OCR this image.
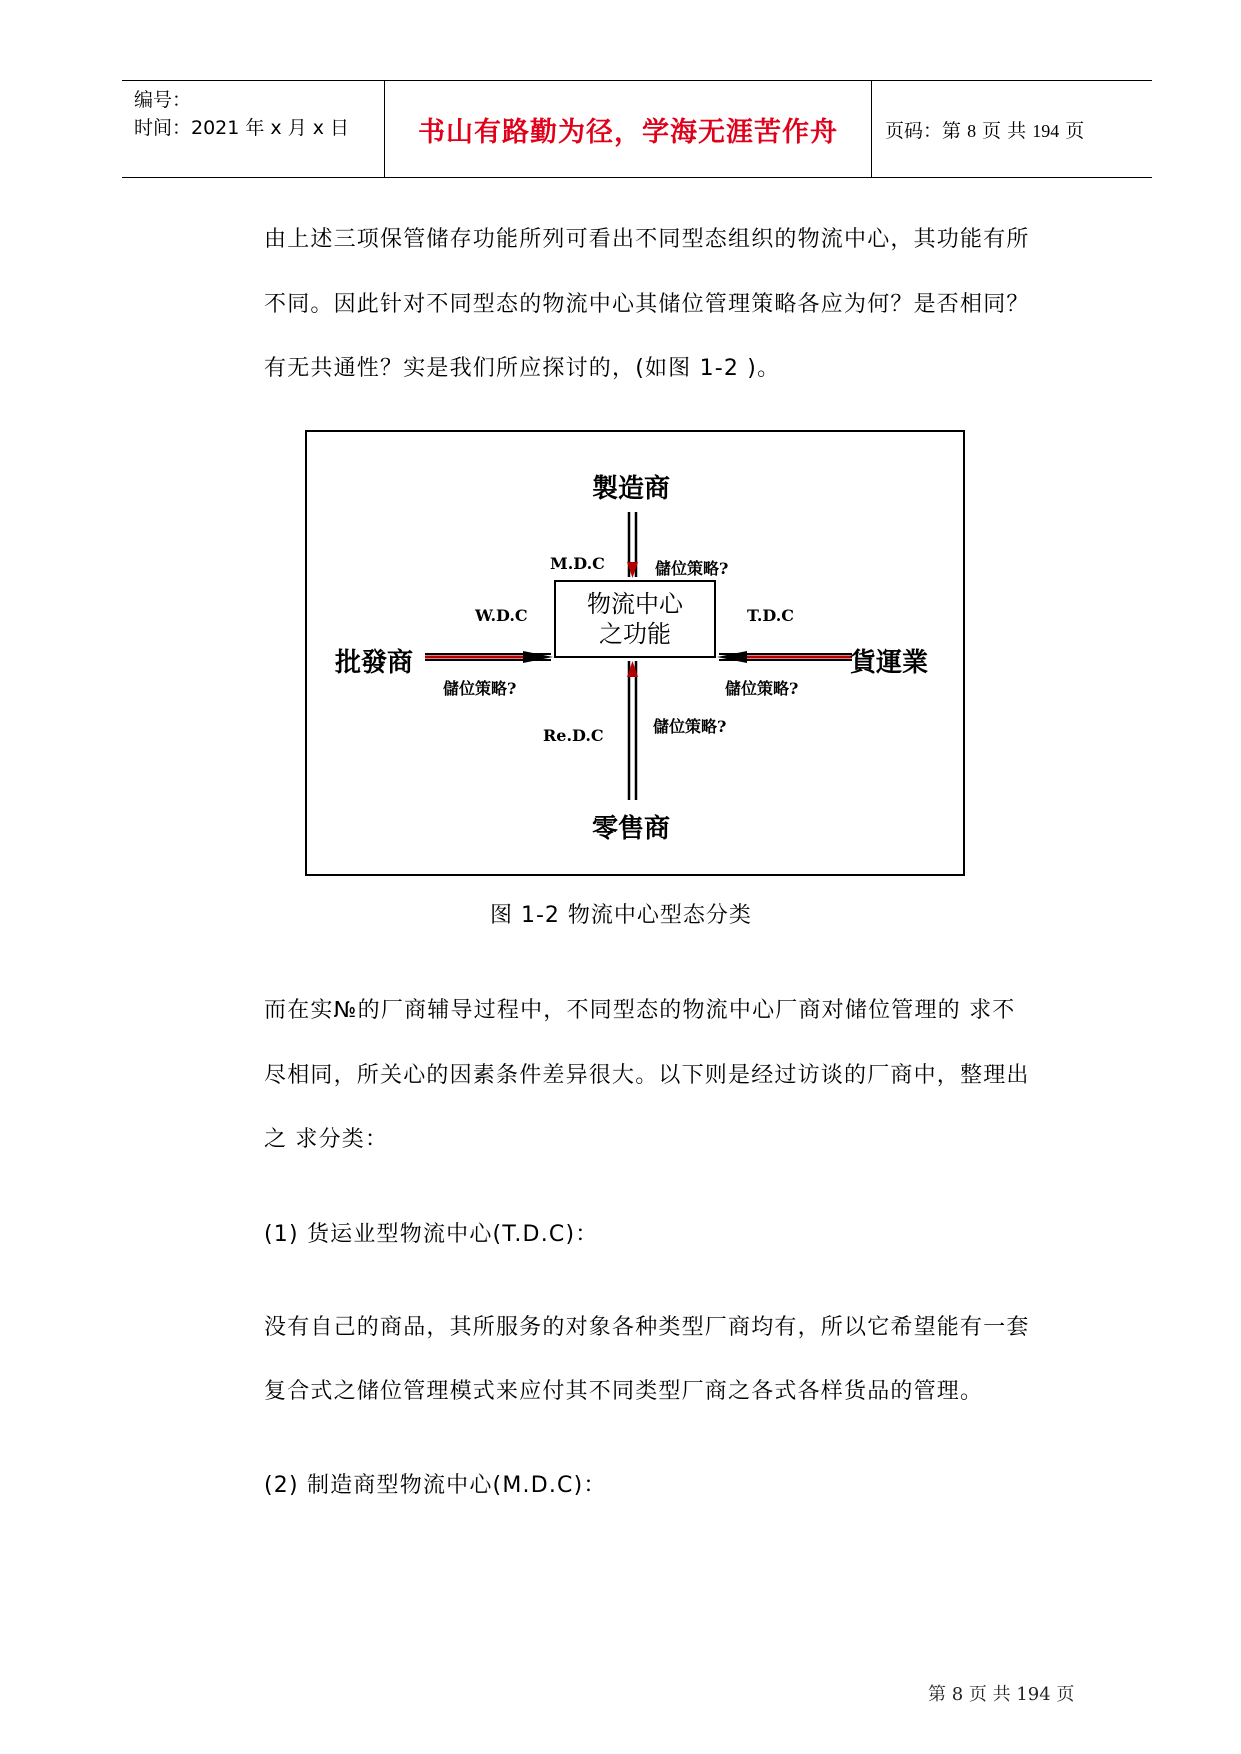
编号：
时间：2021 年 x 月 x 日	书山有路勤为径，学海无涯苦作舟 页码：第 8 页 共 194 页
由上述三项保管储存功能所列可看出不同型态组织的物流中心，其功能有所
不同。因此针对不同型态的物流中心其储位管理策略各应为何？是否相同？
有无共通性？实是我们所应探讨的，(如图 1-2 )。
物流中心
之功能
製造商
零售商
批發商	貨運業
M.D.C
W.D.C	T.D.C
Re.D.C
儲位策略?
儲位策略?	儲位策略?
儲位策略?
图 1-2 物流中心型态分类
而在实№的厂商辅导过程中，不同型态的物流中心厂商对储位管理的 求不
尽相同，所关心的因素条件差异很大。以下则是经过访谈的厂商中，整理出
之 求分类：
(1) 货运业型物流中心(T.D.C)：
没有自己的商品，其所服务的对象各种类型厂商均有，所以它希望能有一套
复合式之储位管理模式来应付其不同类型厂商之各式各样货品的管理。
(2) 制造商型物流中心(M.D.C)：
第 8 页 共 194 页
